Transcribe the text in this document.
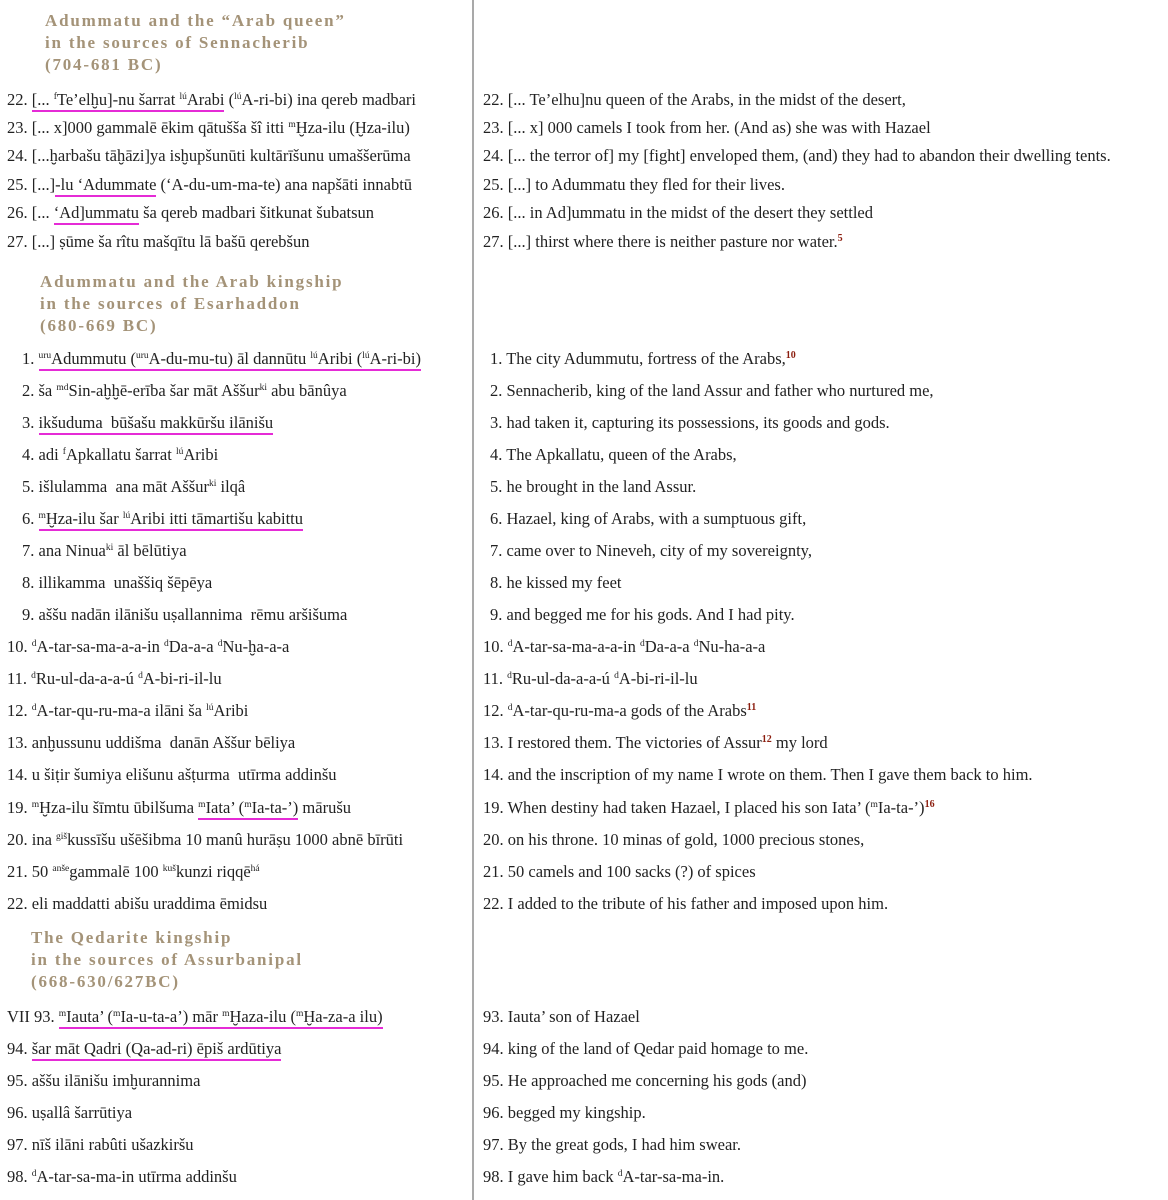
Adummatu and the “Arab queen”
in the sources of Sennacherib
(704-681 BC)
22. [... $^f$Te’elḫu]-nu šarrat $^{lú}$Arabi ($^{lú}$A-ri-bi) ina qereb madbari
23. [... x]000 gammalē ēkim qātušša šî itti $^m$Ḫza-ilu (Ḫza-ilu)
24. [...ḫarbašu tāḫāzi]ya isḫupšunūti kultārīšunu umaššerūma
25. [...]-lu ‘Adummate (‘A-du-um-ma-te) ana napšāti innabtū
26. [... ‘Ad]ummatu ša qereb madbari šitkunat šubatsun
27. [...] ṣūme ša rîtu mašqītu lā bašū qerebšun
Adummatu and the Arab kingship
in the sources of Esarhaddon
(680-669 BC)
1. $^{uru}$Adummutu ($^{uru}$A-du-mu-tu) āl dannūtu $^{lú}$Aribi ($^{lú}$A-ri-bi)
2. ša $^{md}$Sin-aḫḫē-erība šar māt Aššur$^{ki}$ abu bānûya
3. ikšuduma  būšašu makkūršu ilānišu
4. adi $^f$Apkallatu šarrat $^{lú}$Aribi
5. išlulamma  ana māt Aššur$^{ki}$ ilqâ
6. $^m$Ḫza-ilu šar $^{lú}$Aribi itti tāmartišu kabittu
7. ana Ninua$^{ki}$ āl bēlūtiya
8. illikamma  unaššiq šēpēya
9. aššu nadān ilānišu uṣallannima  rēmu aršišuma
10. $^d$A-tar-sa-ma-a-a-in $^d$Da-a-a $^d$Nu-ḫa-a-a
11. $^d$Ru-ul-da-a-a-ú $^d$A-bi-ri-il-lu
12. $^d$A-tar-qu-ru-ma-a ilāni ša $^{lú}$Aribi
13. anḫussunu uddišma  danān Aššur bēliya
14. u šiṭir šumiya elišunu ašṭurma  utīrma addinšu
19. $^m$Ḫza-ilu šīmtu ūbilšuma $^m$Iata’ ($^m$Ia-ta-’) mārušu
20. ina $^{giš}$kussīšu ušēšibma 10 manû hurāṣu 1000 abnē bīrūti
21. 50 $^{anše}$gammalē 100 $^{kuš}$kunzi riqqē$^{há}$
22. eli maddatti abišu uraddima ēmidsu
The Qedarite kingship
in the sources of Assurbanipal
(668-630/627BC)
VII 93. $^m$Iauta’ ($^m$Ia-u-ta-a’) mār $^m$Ḫaza-ilu ($^m$Ḫa-za-a ilu)
94. šar māt Qadri (Qa-ad-ri) ēpiš ardūtiya
95. aššu ilānišu imḫurannima
96. uṣallâ šarrūtiya
97. nīš ilāni rabûti ušazkiršu
98. $^d$A-tar-sa-ma-in utīrma addinšu
22. [... Te’elhu]nu queen of the Arabs, in the midst of the desert,
23. [... x] 000 camels I took from her. (And as) she was with Hazael
24. [... the terror of] my [fight] enveloped them, (and) they had to abandon their dwelling tents.
25. [...] to Adummatu they fled for their lives.
26. [... in Ad]ummatu in the midst of the desert they settled
27. [...] thirst where there is neither pasture nor water.$^5$
1. The city Adummutu, fortress of the Arabs,$^{10}$
2. Sennacherib, king of the land Assur and father who nurtured me,
3. had taken it, capturing its possessions, its goods and gods.
4. The Apkallatu, queen of the Arabs,
5. he brought in the land Assur.
6. Hazael, king of Arabs, with a sumptuous gift,
7. came over to Nineveh, city of my sovereignty,
8. he kissed my feet
9. and begged me for his gods. And I had pity.
10. $^d$A-tar-sa-ma-a-a-in $^d$Da-a-a $^d$Nu-ha-a-a
11. $^d$Ru-ul-da-a-a-ú $^d$A-bi-ri-il-lu
12. $^d$A-tar-qu-ru-ma-a gods of the Arabs$^{11}$
13. I restored them. The victories of Assur$^{12}$ my lord
14. and the inscription of my name I wrote on them. Then I gave them back to him.
19. When destiny had taken Hazael, I placed his son Iata’ ($^m$Ia-ta-’)$^{16}$
20. on his throne. 10 minas of gold, 1000 precious stones,
21. 50 camels and 100 sacks (?) of spices
22. I added to the tribute of his father and imposed upon him.
93. Iauta’ son of Hazael
94. king of the land of Qedar paid homage to me.
95. He approached me concerning his gods (and)
96. begged my kingship.
97. By the great gods, I had him swear.
98. I gave him back $^d$A-tar-sa-ma-in.
